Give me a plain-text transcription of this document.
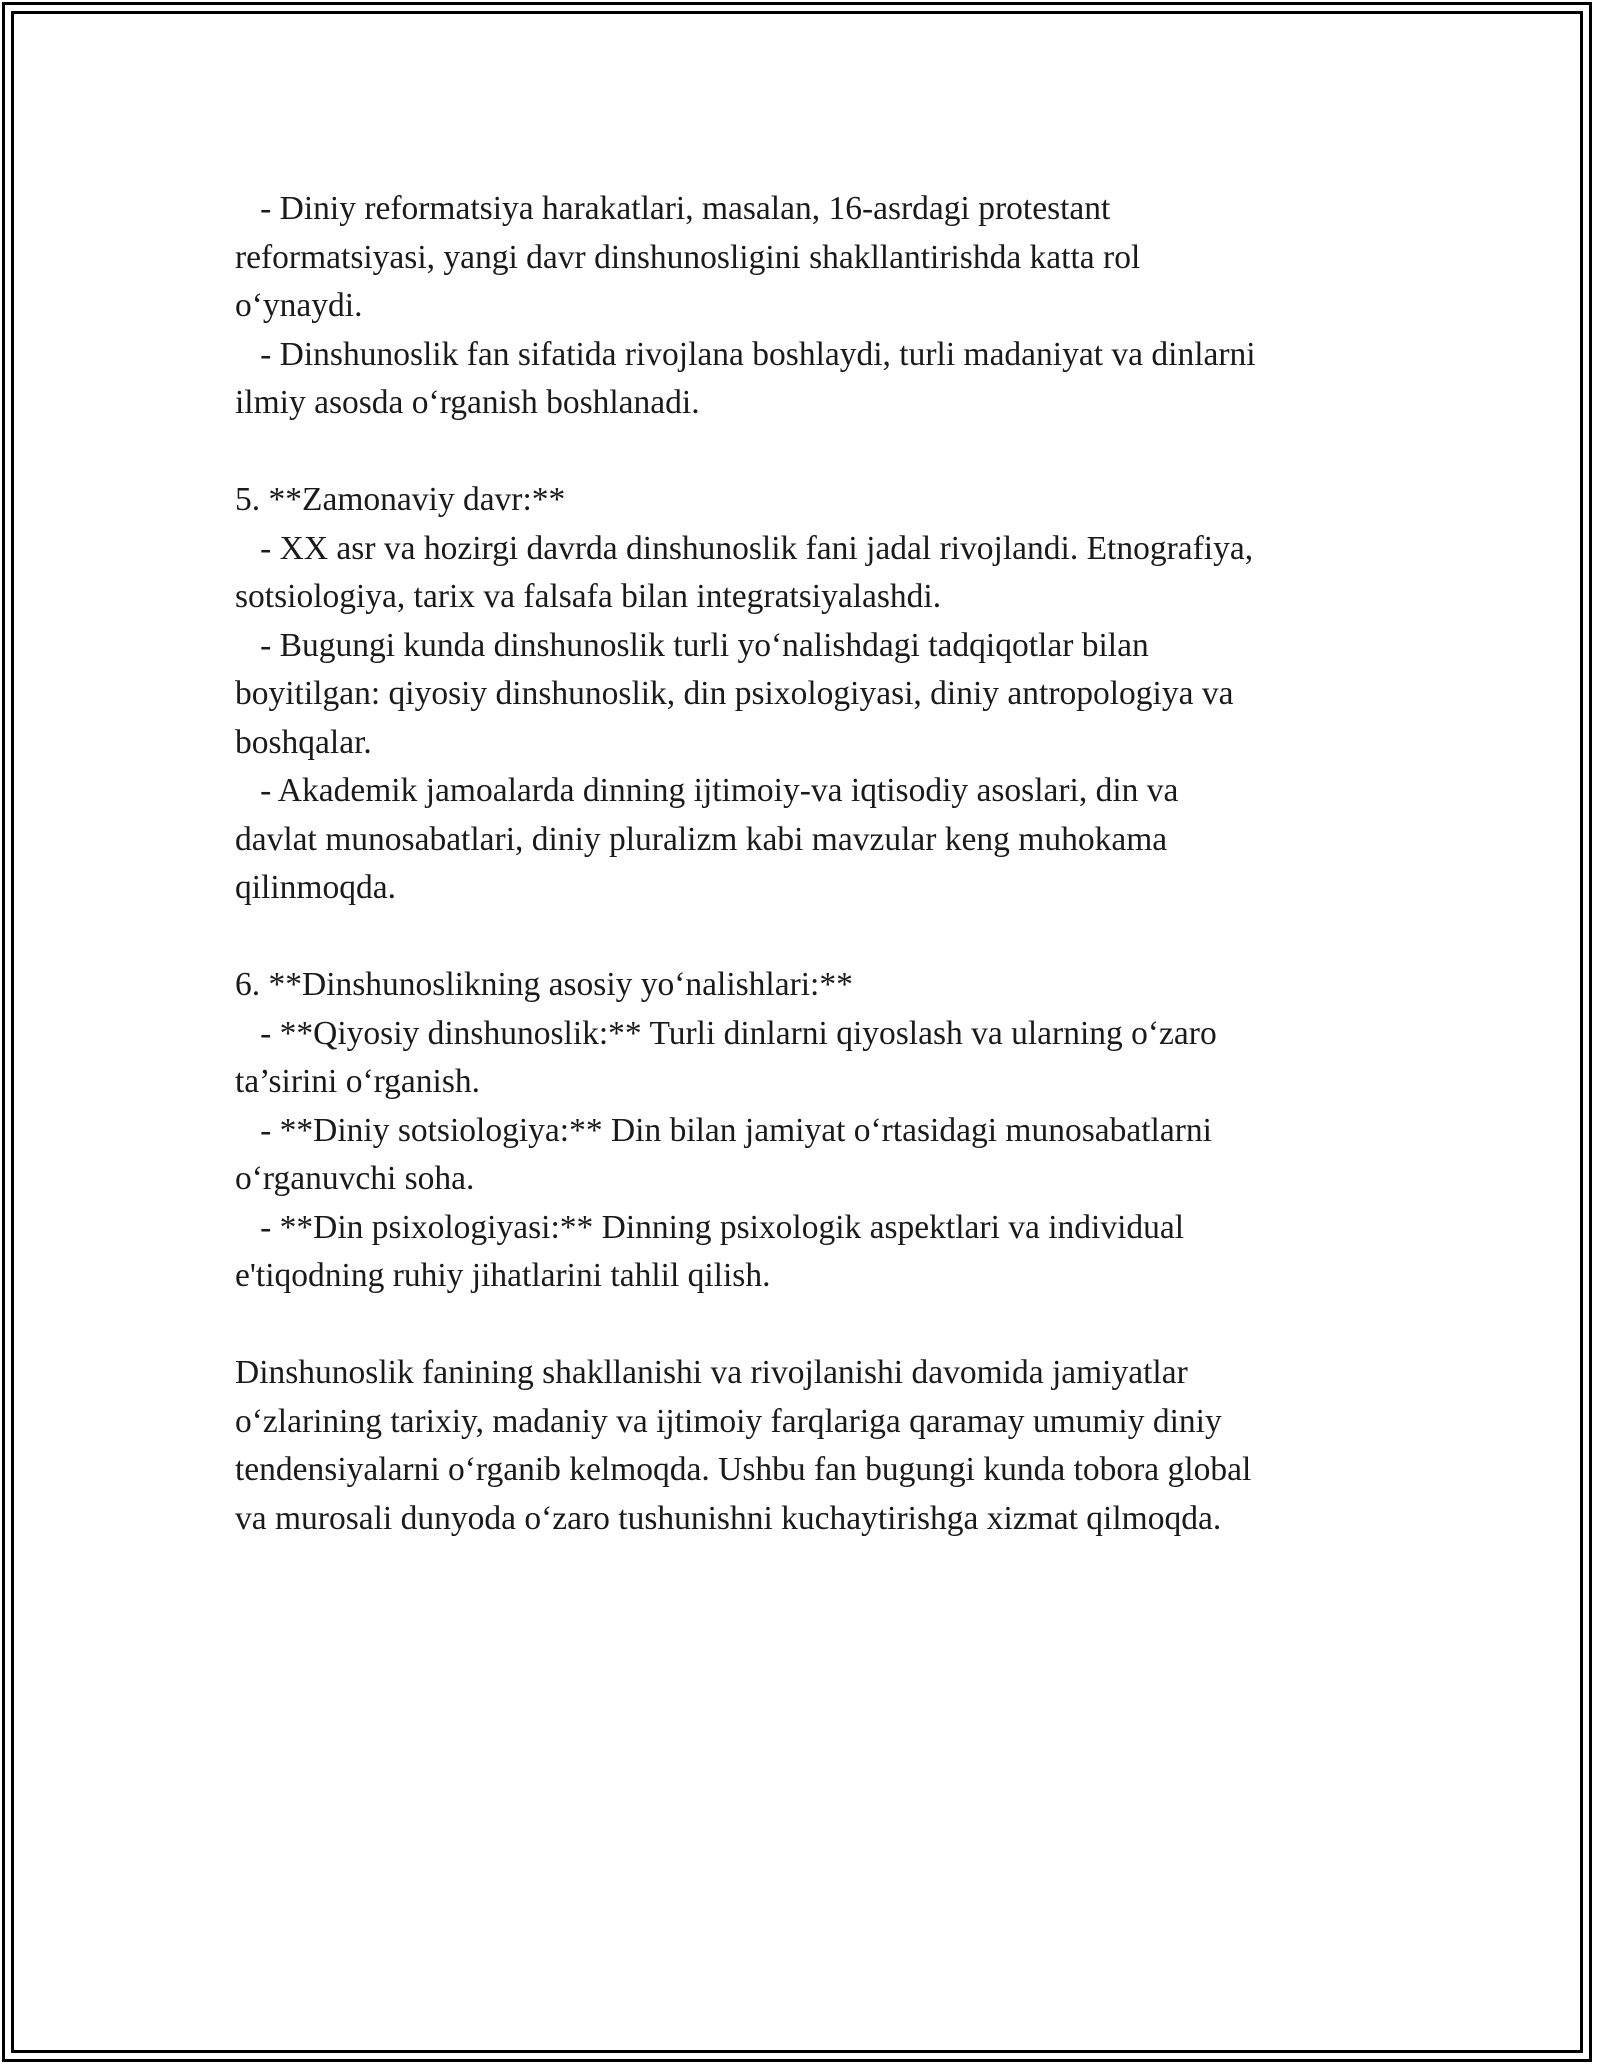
- Diniy reformatsiya harakatlari, masalan, 16-asrdagi protestant

reformatsiyasi, yangi davr dinshunosligini shakllantirishda katta rol

o‘ynaydi.

- Dinshunoslik fan sifatida rivojlana boshlaydi, turli madaniyat va dinlarni

ilmiy asosda o‘rganish boshlanadi.

5. **Zamonaviy davr:**

- XX asr va hozirgi davrda dinshunoslik fani jadal rivojlandi. Etnografiya,

sotsiologiya, tarix va falsafa bilan integratsiyalashdi.

- Bugungi kunda dinshunoslik turli yo‘nalishdagi tadqiqotlar bilan

boyitilgan: qiyosiy dinshunoslik, din psixologiyasi, diniy antropologiya va

boshqalar.

- Akademik jamoalarda dinning ijtimoiy-va iqtisodiy asoslari, din va

davlat munosabatlari, diniy pluralizm kabi mavzular keng muhokama

qilinmoqda.

6. **Dinshunoslikning asosiy yo‘nalishlari:**

- **Qiyosiy dinshunoslik:** Turli dinlarni qiyoslash va ularning o‘zaro

ta’sirini o‘rganish.

- **Diniy sotsiologiya:** Din bilan jamiyat o‘rtasidagi munosabatlarni

o‘rganuvchi soha.

- **Din psixologiyasi:** Dinning psixologik aspektlari va individual

e'tiqodning ruhiy jihatlarini tahlil qilish.

Dinshunoslik fanining shakllanishi va rivojlanishi davomida jamiyatlar

o‘zlarining tarixiy, madaniy va ijtimoiy farqlariga qaramay umumiy diniy

tendensiyalarni o‘rganib kelmoqda. Ushbu fan bugungi kunda tobora global

va murosali dunyoda o‘zaro tushunishni kuchaytirishga xizmat qilmoqda.
